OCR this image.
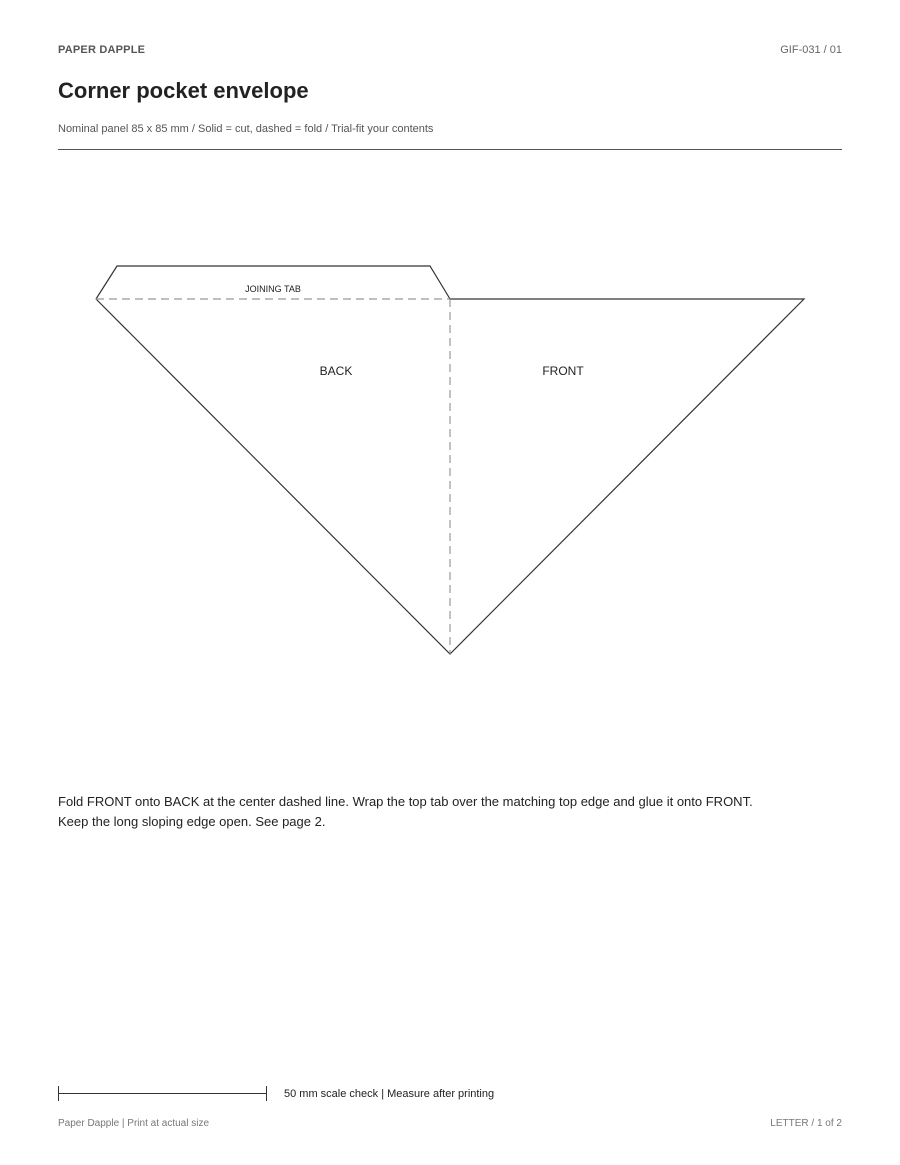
PAPER DAPPLE	GIF-031 / 01
Corner pocket envelope
Nominal panel 85 x 85 mm / Solid = cut, dashed = fold / Trial-fit your contents
JOINING TAB
BACK	FRONT

Fold FRONT onto BACK at the center dashed line. Wrap the top tab over the matching top edge and glue it onto FRONT.

Keep the long sloping edge open. See page 2.

50 mm scale check | Measure after printing
Paper Dapple | Print at actual size	LETTER / 1 of 2
